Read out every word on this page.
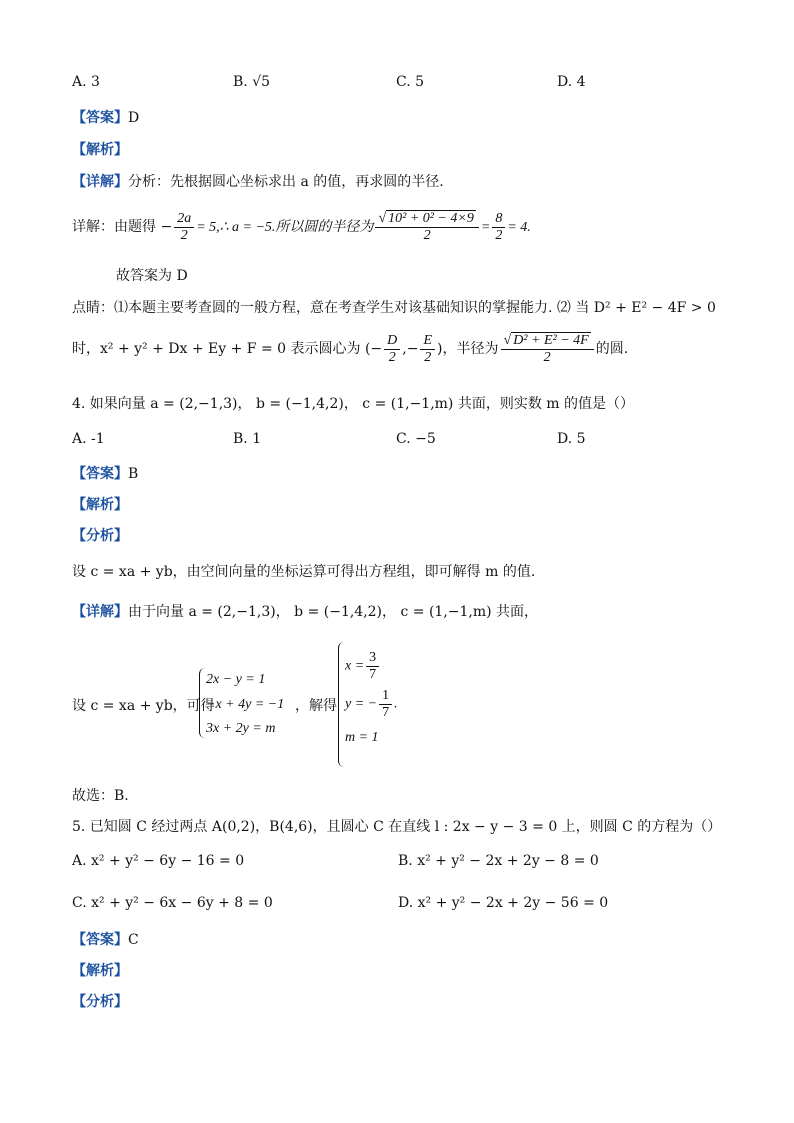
A. 3	B. √5	C. 5	D. 4
【答案】D
【解析】
【详解】分析：先根据圆心坐标求出 a 的值，再求圆的半径.
详解：由题得 − $\frac{2a}{2}$ = 5,∴ a = −5.所以圆的半径为 $\frac{\text{√ 10² + 0² − 4×9}}{2} = \frac{8}{2} = 4$.
故答案为 D
点睛：⑴本题主要考查圆的一般方程，意在考查学生对该基础知识的掌握能力. ⑵ 当 D² + E² − 4F > 0
时，x² + y² + Dx + Ey + F = 0 表示圆心为 (− $\frac{D}{2}$ ,− $\frac{E}{2}$ )，半径为 $\frac{\text{√ D² + E² − 4F}}{2}$ 的圆.
4. 如果向量 a = (2,−1,3)， b = (−1,4,2)， c = (1,−1,m) 共面，则实数 m 的值是（）
A. -1	B. 1	C. −5	D. 5
【答案】B
【解析】
【分析】
设 c = xa + yb，由空间向量的坐标运算可得出方程组，即可解得 m 的值.
【详解】由于向量 a = (2,−1,3)， b = (−1,4,2)， c = (1,−1,m) 共面，
设 c = xa + yb，可得
2x − y = 1
−x + 4y = −1
3x + 2y = m
，解得
$x = \frac{3}{7}$
y = − $\frac{1}{7}$ .
m = 1
故选：B.
5. 已知圆 C 经过两点 A(0,2)，B(4,6)，且圆心 C 在直线 l : 2x − y − 3 = 0 上，则圆 C 的方程为（）
A. x² + y² − 6y − 16 = 0	B. x² + y² − 2x + 2y − 8 = 0
C. x² + y² − 6x − 6y + 8 = 0	D. x² + y² − 2x + 2y − 56 = 0
【答案】C
【解析】
【分析】
